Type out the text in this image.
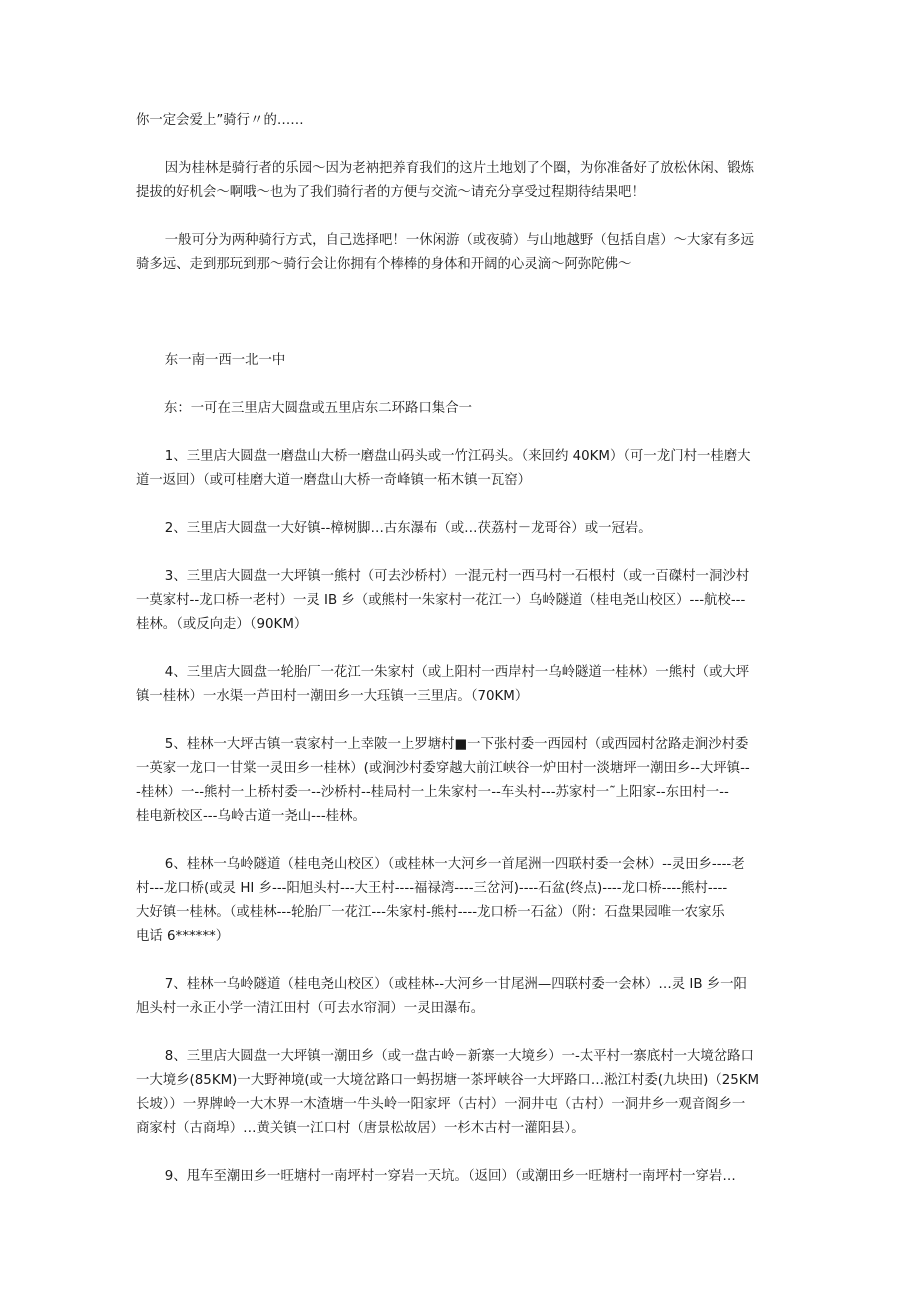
你一定会爱上”骑行〃的……

因为桂林是骑行者的乐园～因为老衲把养育我们的这片土地划了个圈，为你准备好了放松休闲、锻炼
提拔的好机会～啊哦～也为了我们骑行者的方便与交流～请充分享受过程期待结果吧！

一般可分为两种骑行方式，自己选择吧！一休闲游（或夜骑）与山地越野（包括自虐）～大家有多远
骑多远、走到那玩到那～骑行会让你拥有个棒棒的身体和开阔的心灵滴～阿弥陀佛～

东一南一西一北一中

东：一可在三里店大圆盘或五里店东二环路口集合一

1、三里店大圆盘一磨盘山大桥一磨盘山码头或一竹江码头。（来回约 40KM）（可一龙门村一桂磨大
道一返回）（或可桂磨大道一磨盘山大桥一奇峰镇一柘木镇一瓦窑）

2、三里店大圆盘一大好镇--樟树脚…古东瀑布（或…茯荔村－龙哥谷）或一冠岩。

3、三里店大圆盘一大坪镇一熊村（可去沙桥村）一混元村一西马村一石根村（或一百磔村一洞沙村
一莫家村--龙口桥一老村）一灵 IB 乡（或熊村一朱家村一花江一）乌岭隧道（桂电尧山校区）---航校---
桂林。（或反向走）（90KM）

4、三里店大圆盘一轮胎厂一花江一朱家村（或上阳村一西岸村一乌岭隧道一桂林）一熊村（或大坪
镇一桂林）一水渠一芦田村一潮田乡一大珏镇一三里店。（70KM）

5、桂林一大坪古镇一袁家村一上幸陂一上罗塘村■一下张村委一西园村（或西园村岔路走涧沙村委
一英家一龙口一甘棠一灵田乡一桂林）(或涧沙村委穿越大前江峡谷一炉田村一淡塘坪一潮田乡--大坪镇--
-桂林）一--熊村一上桥村委一--沙桥村--桂局村一上朱家村一--车头村---苏家村一˜上阳家--东田村一--
桂电新校区---乌岭古道一尧山---桂林。

6、桂林一乌岭隧道（桂电尧山校区）（或桂林一大河乡一首尾洲一四联村委一会林）--灵田乡----老
村---龙口桥(或灵 HI 乡---阳旭头村---大王村----福禄湾----三岔河)----石盆(终点)----龙口桥----熊村----
大好镇一桂林。（或桂林---轮胎厂一花江---朱家村-熊村----龙口桥一石盆）（附：石盘果园唯一农家乐
电话 6******）

7、桂林一乌岭隧道（桂电尧山校区）（或桂林--大河乡一甘尾洲—四联村委一会林）…灵 IB 乡一阳
旭头村一永正小学一清江田村（可去水帘洞）一灵田瀑布。

8、三里店大圆盘一大坪镇一潮田乡（或一盘古岭－新寨一大境乡）一-太平村一寨底村一大境岔路口
一大境乡(85KM)一大野神境(或一大境岔路口一蚂拐塘一茶坪峡谷一大坪路口…淞江村委(九块田)（25KM
长坡））一界牌岭一大木界一木渣塘一牛头岭一阳家坪（古村）一洞井屯（古村）一洞井乡一观音阁乡一
商家村（古商埠）…黄关镇一江口村（唐景松故居）一杉木古村一灌阳县）。

9、甩车至潮田乡一旺塘村一南坪村一穿岩一天坑。（返回）（或潮田乡一旺塘村一南坪村一穿岩…
